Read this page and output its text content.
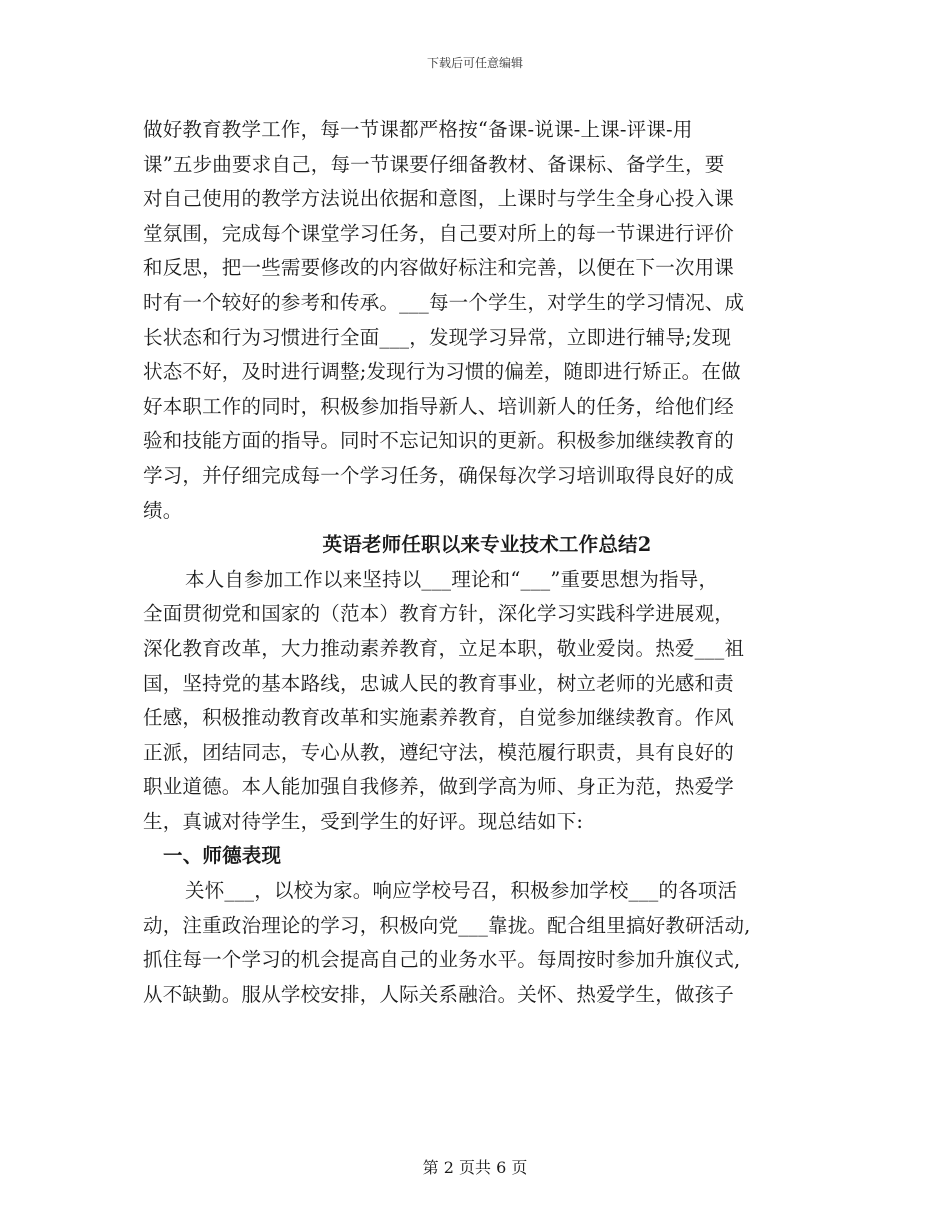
下载后可任意编辑
做好教育教学工作，每一节课都严格按“备课-说课-上课-评课-用
课”五步曲要求自己，每一节课要仔细备教材、备课标、备学生，要
对自己使用的教学方法说出依据和意图，上课时与学生全身心投入课
堂氛围，完成每个课堂学习任务，自己要对所上的每一节课进行评价
和反思，把一些需要修改的内容做好标注和完善，以便在下一次用课
时有一个较好的参考和传承。___每一个学生，对学生的学习情况、成
长状态和行为习惯进行全面___，发现学习异常，立即进行辅导;发现
状态不好，及时进行调整;发现行为习惯的偏差，随即进行矫正。在做
好本职工作的同时，积极参加指导新人、培训新人的任务，给他们经
验和技能方面的指导。同时不忘记知识的更新。积极参加继续教育的
学习，并仔细完成每一个学习任务，确保每次学习培训取得良好的成
绩。
英语老师任职以来专业技术工作总结2
本人自参加工作以来坚持以___理论和“___”重要思想为指导，
全面贯彻党和国家的（范本）教育方针，深化学习实践科学进展观，
深化教育改革，大力推动素养教育，立足本职，敬业爱岗。热爱___祖
国，坚持党的基本路线，忠诚人民的教育事业，树立老师的光感和责
任感，积极推动教育改革和实施素养教育，自觉参加继续教育。作风
正派，团结同志，专心从教，遵纪守法，模范履行职责，具有良好的
职业道德。本人能加强自我修养，做到学高为师、身正为范，热爱学
生，真诚对待学生，受到学生的好评。现总结如下:
一、师德表现
关怀___，以校为家。响应学校号召，积极参加学校___的各项活
动，注重政治理论的学习，积极向党___靠拢。配合组里搞好教研活动,
抓住每一个学习的机会提高自己的业务水平。每周按时参加升旗仪式,
从不缺勤。服从学校安排，人际关系融洽。关怀、热爱学生，做孩子
第 2 页共 6 页
